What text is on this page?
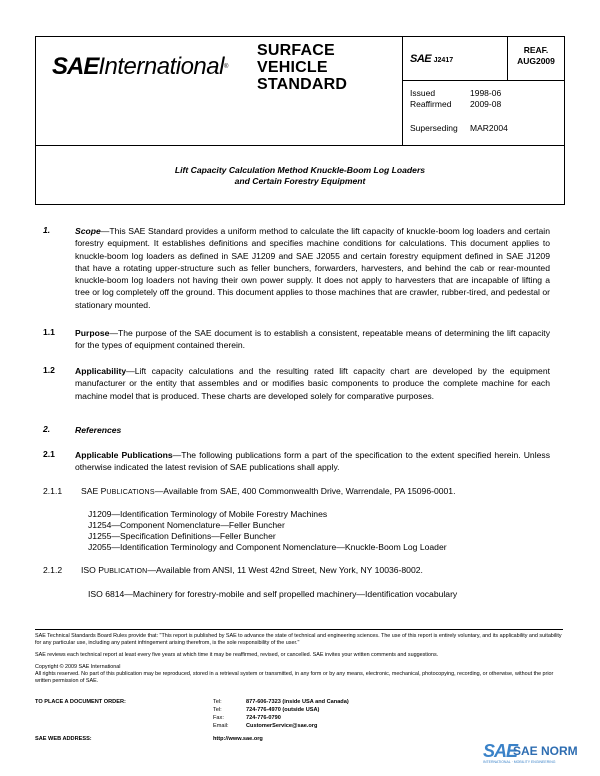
SAEInternational®
SURFACE
VEHICLE
STANDARD
SAE J2417
REAF.
AUG2009
Issued	1998-06
Reaffirmed 2009-08
Superseding MAR2004
Lift Capacity Calculation Method Knuckle-Boom Log Loaders
and Certain Forestry Equipment
1.	Scope—This SAE Standard provides a uniform method to calculate the lift capacity of knuckle-boom log loaders and certain forestry equipment. It establishes definitions and specifies machine conditions for calculations. This document applies to knuckle-boom log loaders as defined in SAE J1209 and SAE J2055 and certain forestry equipment defined in SAE J1209 that have a rotating upper-structure such as feller bunchers, forwarders, harvesters, and behind the cab or rear-mounted knuckle-boom log loaders not having their own power supply. It does not apply to harvesters that are incapable of lifting a tree or log completely off the ground. This document applies to those machines that are crawler, rubber-tired, and pedestal or stationary mounted.
1.1 Purpose—The purpose of the SAE document is to establish a consistent, repeatable means of determining the lift capacity for the types of equipment contained therein.
1.2 Applicability—Lift capacity calculations and the resulting rated lift capacity chart are developed by the equipment manufacturer or the entity that assembles and or modifies basic components to produce the complete machine for each machine model that is produced. These charts are developed solely for comparative purposes.
2.	References
2.1 Applicable Publications—The following publications form a part of the specification to the extent specified herein. Unless otherwise indicated the latest revision of SAE publications shall apply.
2.1.1 SAE PUBLICATIONS—Available from SAE, 400 Commonwealth Drive, Warrendale, PA 15096-0001.
J1209—Identification Terminology of Mobile Forestry Machines
J1254—Component Nomenclature—Feller Buncher
J1255—Specification Definitions—Feller Buncher
J2055—Identification Terminology and Component Nomenclature—Knuckle-Boom Log Loader
2.1.2 ISO PUBLICATION—Available from ANSI, 11 West 42nd Street, New York, NY 10036-8002.
ISO 6814—Machinery for forestry-mobile and self propelled machinery—Identification vocabulary
SAE Technical Standards Board Rules provide that: "This report is published by SAE to advance the state of technical and engineering sciences. The use of this report is entirely voluntary, and its applicability and suitability for any particular use, including any patent infringement arising therefrom, is the sole responsibility of the user."
SAE reviews each technical report at least every five years at which time it may be reaffirmed, revised, or cancelled. SAE invites your written comments and suggestions.
Copyright © 2009 SAE International
All rights reserved. No part of this publication may be reproduced, stored in a retrieval system or transmitted, in any form or by any means, electronic, mechanical, photocopying, recording, or otherwise, without the prior written permission of SAE.
TO PLACE A DOCUMENT ORDER:	Tel:	877-606-7323 (inside USA and Canada)
Tel:	724-776-4970 (outside USA)
Fax:	724-776-0790
Email:	CustomerService@sae.org
SAE WEB ADDRESS:	http://www.sae.org
SAE
SAE NORM
INTERNATIONAL · MOBILITY ENGINEERING
